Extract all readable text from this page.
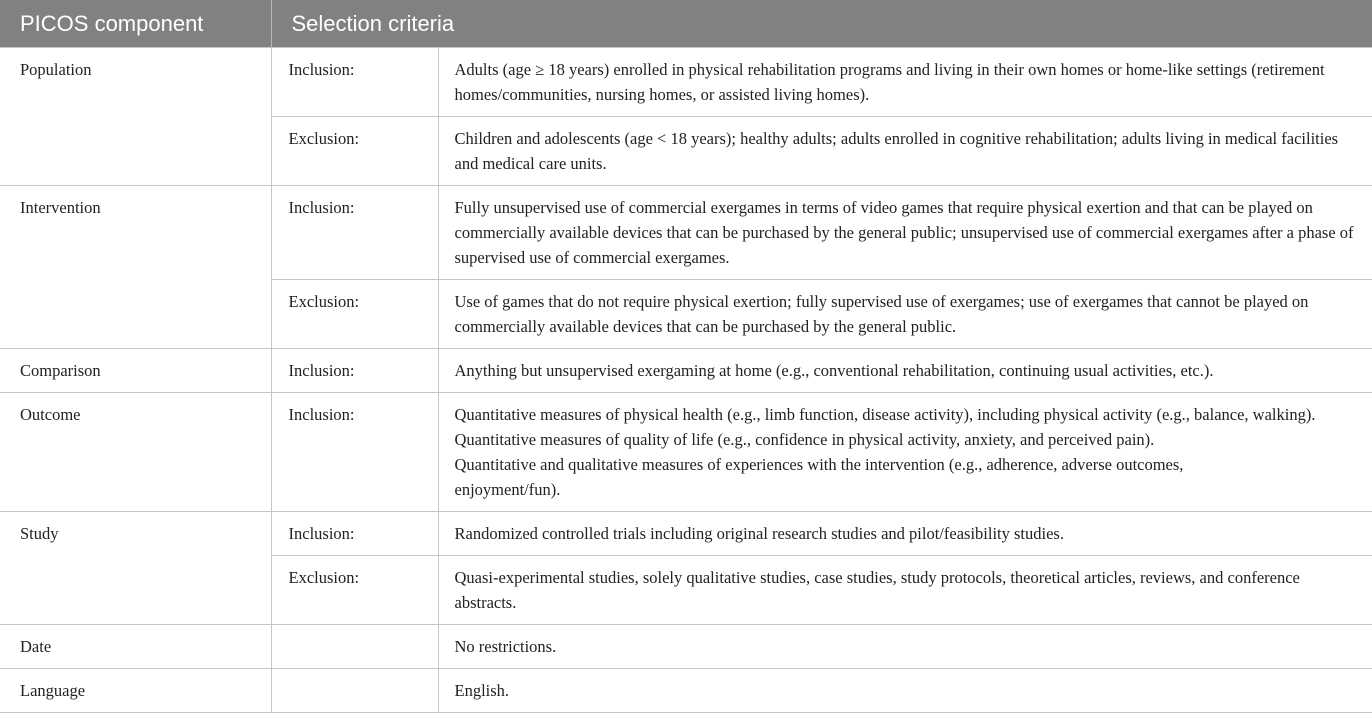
PICOS component	Selection criteria	
Population	Inclusion:	Adults (age ≥ 18 years) enrolled in physical rehabilitation programs and living in their own homes or home-like settings (retirement homes/communities, nursing homes, or assisted living homes).
	Exclusion:	Children and adolescents (age < 18 years); healthy adults; adults enrolled in cognitive rehabilitation; adults living in medical facilities and medical care units.
Intervention	Inclusion:	Fully unsupervised use of commercial exergames in terms of video games that require physical exertion and that can be played on commercially available devices that can be purchased by the general public; unsupervised use of commercial exergames after a phase of supervised use of commercial exergames.
	Exclusion:	Use of games that do not require physical exertion; fully supervised use of exergames; use of exergames that cannot be played on commercially available devices that can be purchased by the general public.
Comparison	Inclusion:	Anything but unsupervised exergaming at home (e.g., conventional rehabilitation, continuing usual activities, etc.).
Outcome	Inclusion:	Quantitative measures of physical health (e.g., limb function, disease activity), including physical activity (e.g., balance, walking).
Quantitative measures of quality of life (e.g., confidence in physical activity, anxiety, and perceived pain).
Quantitative and qualitative measures of experiences with the intervention (e.g., adherence, adverse outcomes, enjoyment/fun).

Study	Inclusion:	Randomized controlled trials including original research studies and pilot/feasibility studies.
	Exclusion:	Quasi-experimental studies, solely qualitative studies, case studies, study protocols, theoretical articles, reviews, and conference abstracts.
Date		No restrictions.
Language		English.
